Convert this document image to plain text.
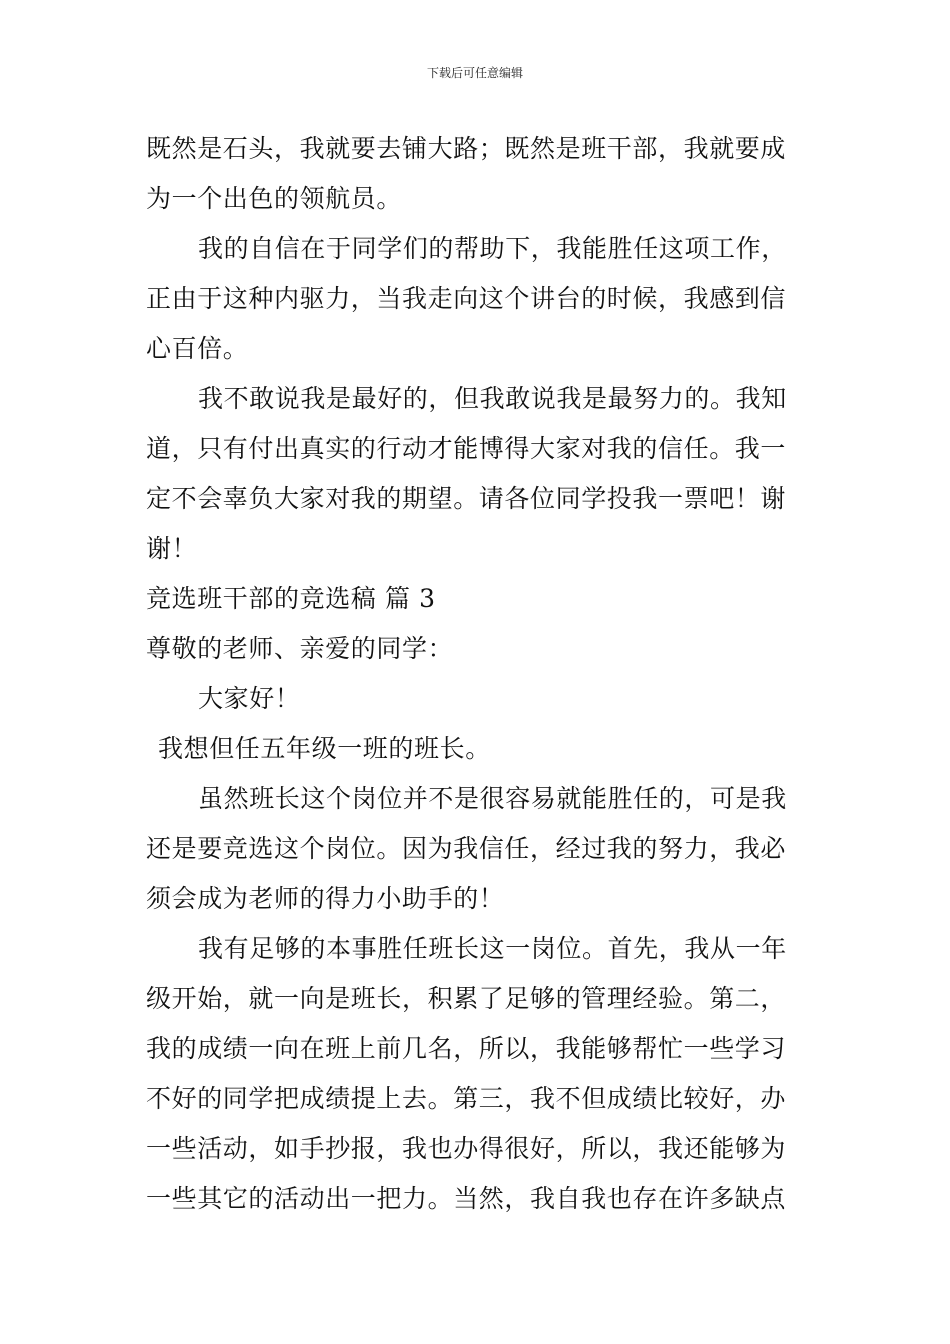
下载后可任意编辑
既然是石头，我就要去铺大路；既然是班干部，我就要成
为一个出色的领航员。
我的自信在于同学们的帮助下，我能胜任这项工作，
正由于这种内驱力，当我走向这个讲台的时候，我感到信
心百倍。
我不敢说我是最好的，但我敢说我是最努力的。我知
道，只有付出真实的行动才能博得大家对我的信任。我一
定不会辜负大家对我的期望。请各位同学投我一票吧！谢
谢！
竞选班干部的竞选稿 篇 3
尊敬的老师、亲爱的同学：
大家好！
我想但任五年级一班的班长。
虽然班长这个岗位并不是很容易就能胜任的，可是我
还是要竞选这个岗位。因为我信任，经过我的努力，我必
须会成为老师的得力小助手的！
我有足够的本事胜任班长这一岗位。首先，我从一年
级开始，就一向是班长，积累了足够的管理经验。第二，
我的成绩一向在班上前几名，所以，我能够帮忙一些学习
不好的同学把成绩提上去。第三，我不但成绩比较好，办
一些活动，如手抄报，我也办得很好，所以，我还能够为
一些其它的活动出一把力。当然，我自我也存在许多缺点
